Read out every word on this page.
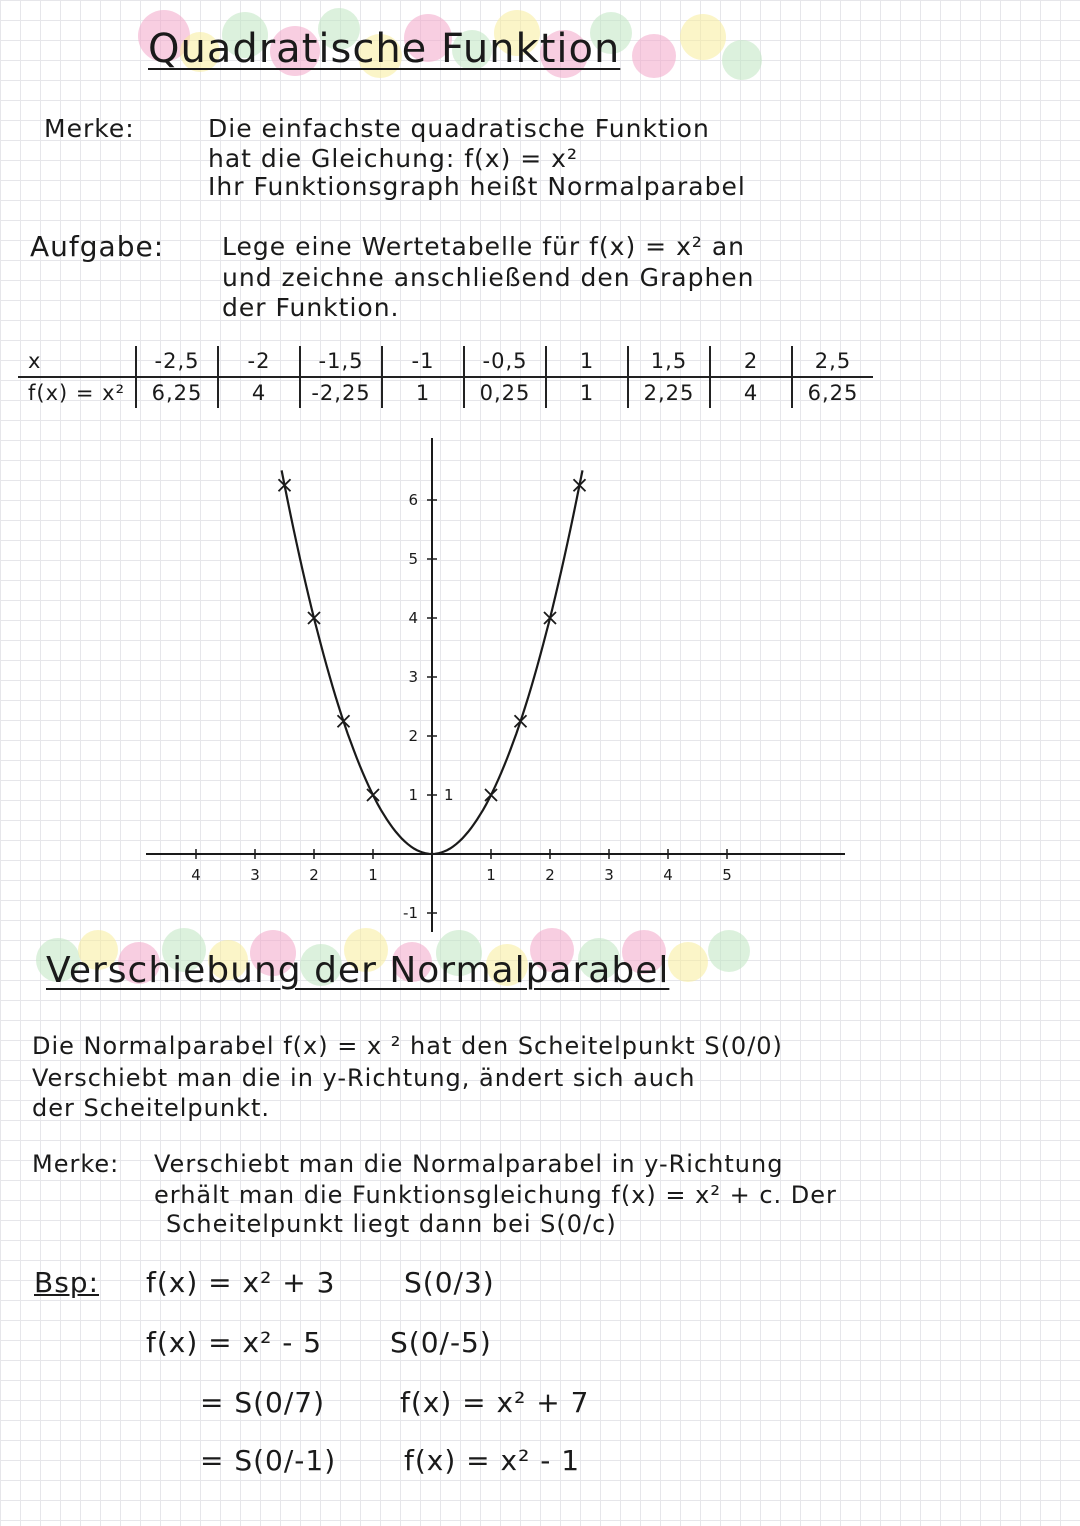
Quadratische Funktion
Merke:	Die einfachste quadratische Funktion
hat die Gleichung: f(x) = x²
Ihr Funktionsgraph heißt Normalparabel
Aufgabe: Lege eine Wertetabelle für f(x) = x² an
und zeichne anschließend den Graphen
der Funktion.
x	-2,5	-2	-1,5	-1	-0,5	1	1,5	2	2,5
f(x) = x²	6,25	4	-2,25	1	0,25	1	2,25	4	6,25
4	3	2	1	1	2	3	4	5
6
5
4
3
2
1
-1
1
Verschiebung der Normalparabel
Die Normalparabel f(x) = x ² hat den Scheitelpunkt S(0/0)
Verschiebt man die in y-Richtung, ändert sich auch
der Scheitelpunkt.
Merke: Verschiebt man die Normalparabel in y-Richtung
erhält man die Funktionsgleichung f(x) = x² + c. Der
Scheitelpunkt liegt dann bei S(0/c)
Bsp: f(x) = x² + 3 S(0/3)
f(x) = x² - 5 S(0/-5)
= S(0/7)	f(x) = x² + 7
= S(0/-1) f(x) = x² - 1
